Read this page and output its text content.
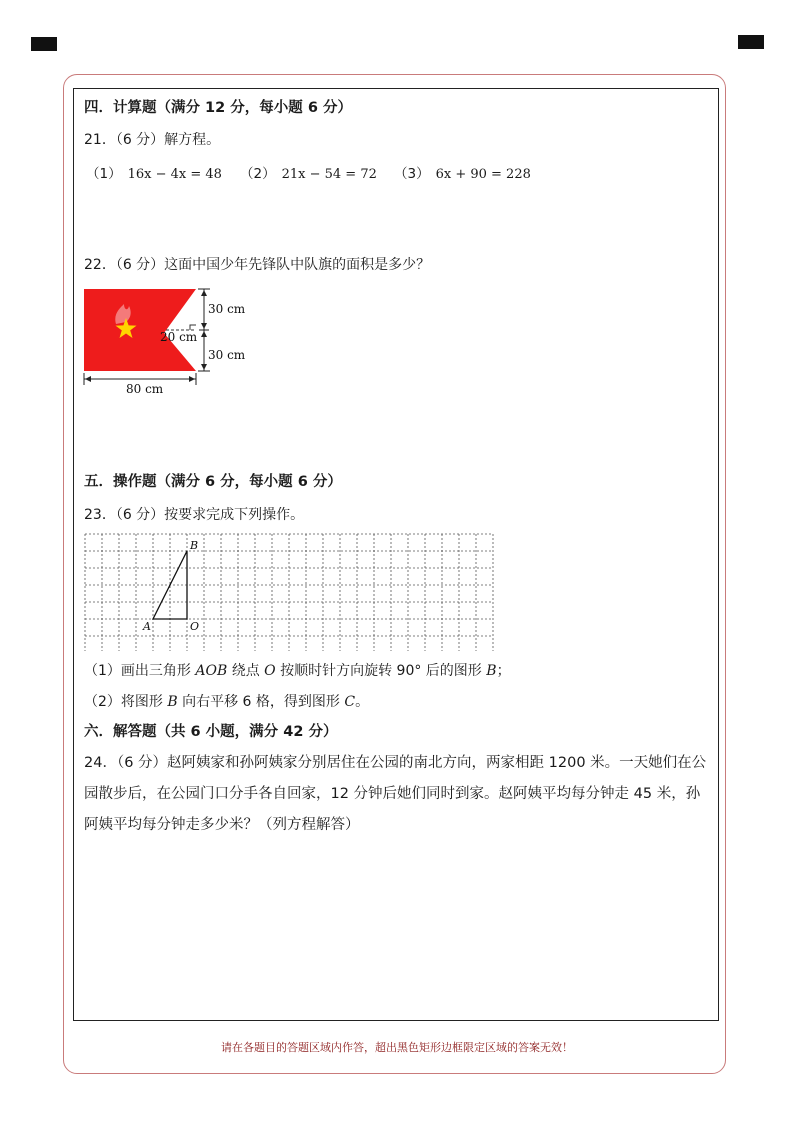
四．计算题（满分 12 分，每小题 6 分）
21．（6 分）解方程。
（1） 16x − 4x = 48 （2） 21x − 54 = 72 （3） 6x + 90 = 228
22．（6 分）这面中国少年先锋队中队旗的面积是多少？
30 cm
20 cm
30 cm
80 cm
五．操作题（满分 6 分，每小题 6 分）
23．（6 分）按要求完成下列操作。
A	O
B
（1）画出三角形 AOB 绕点 O 按顺时针方向旋转 90° 后的图形 B；
（2）将图形 B 向右平移 6 格，得到图形 C。
六．解答题（共 6 小题，满分 42 分）
24．（6 分）赵阿姨家和孙阿姨家分别居住在公园的南北方向，两家相距 1200 米。一天她们在公园散步后，在公园门口分手各自回家，12 分钟后她们同时到家。赵阿姨平均每分钟走 45 米，孙阿姨平均每分钟走多少米？（列方程解答）
请在各题目的答题区域内作答，超出黑色矩形边框限定区域的答案无效！
